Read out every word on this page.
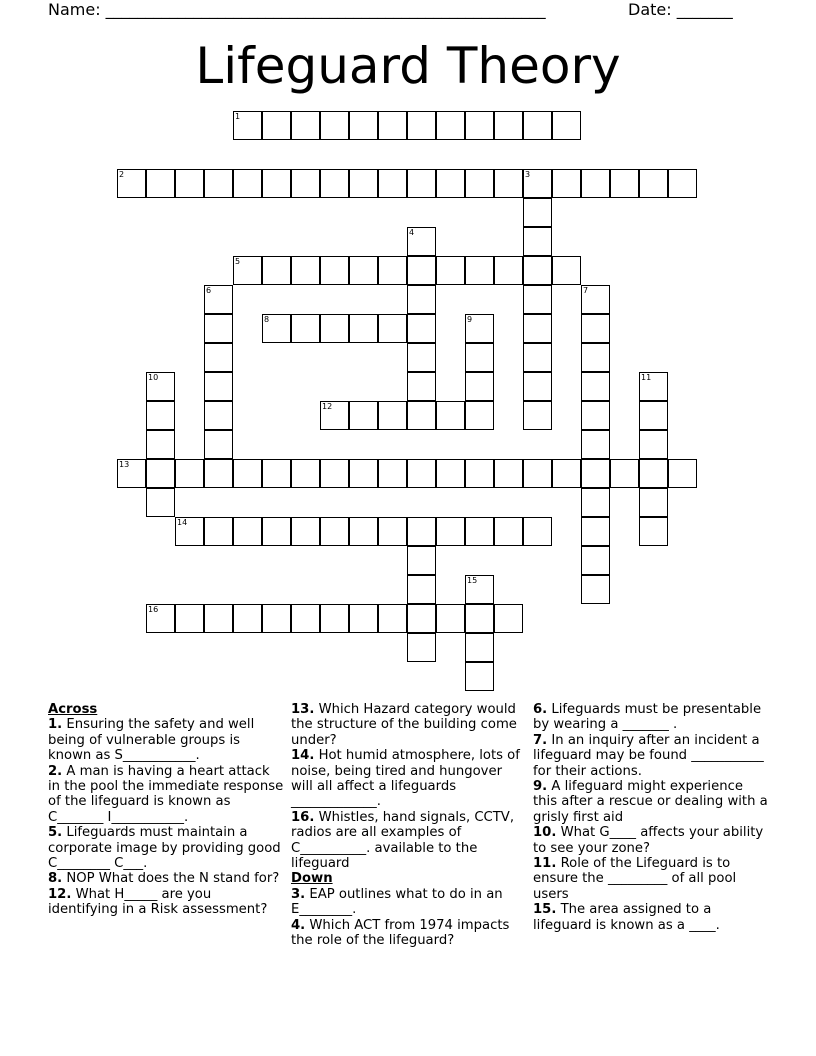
Name: _______________________________________________________	Date: _______
Lifeguard Theory
1
2	3
4
5
6	7
8	9
10	11
12
13
14
15
16
Across
1. Ensuring the safety and well being of vulnerable groups is known as S___________.
2. A man is having a heart attack in the pool the immediate response of the lifeguard is known as C_______ I___________.
5. Lifeguards must maintain a corporate image by providing good C________ C___.
8. NOP What does the N stand for?
12. What H_____ are you identifying in a Risk assessment?
13. Which Hazard category would the structure of the building come under?
14. Hot humid atmosphere, lots of noise, being tired and hungover will all affect a lifeguards _____________.
16. Whistles, hand signals, CCTV, radios are all examples of C__________. available to the lifeguard
Down
3. EAP outlines what to do in an E________.
4. Which ACT from 1974 impacts the role of the lifeguard?
6. Lifeguards must be presentable by wearing a _______ .
7. In an inquiry after an incident a lifeguard may be found ___________ for their actions.
9. A lifeguard might experience this after a rescue or dealing with a grisly first aid
10. What G____ affects your ability to see your zone?
11. Role of the Lifeguard is to ensure the _________ of all pool users
15. The area assigned to a lifeguard is known as a ____.
